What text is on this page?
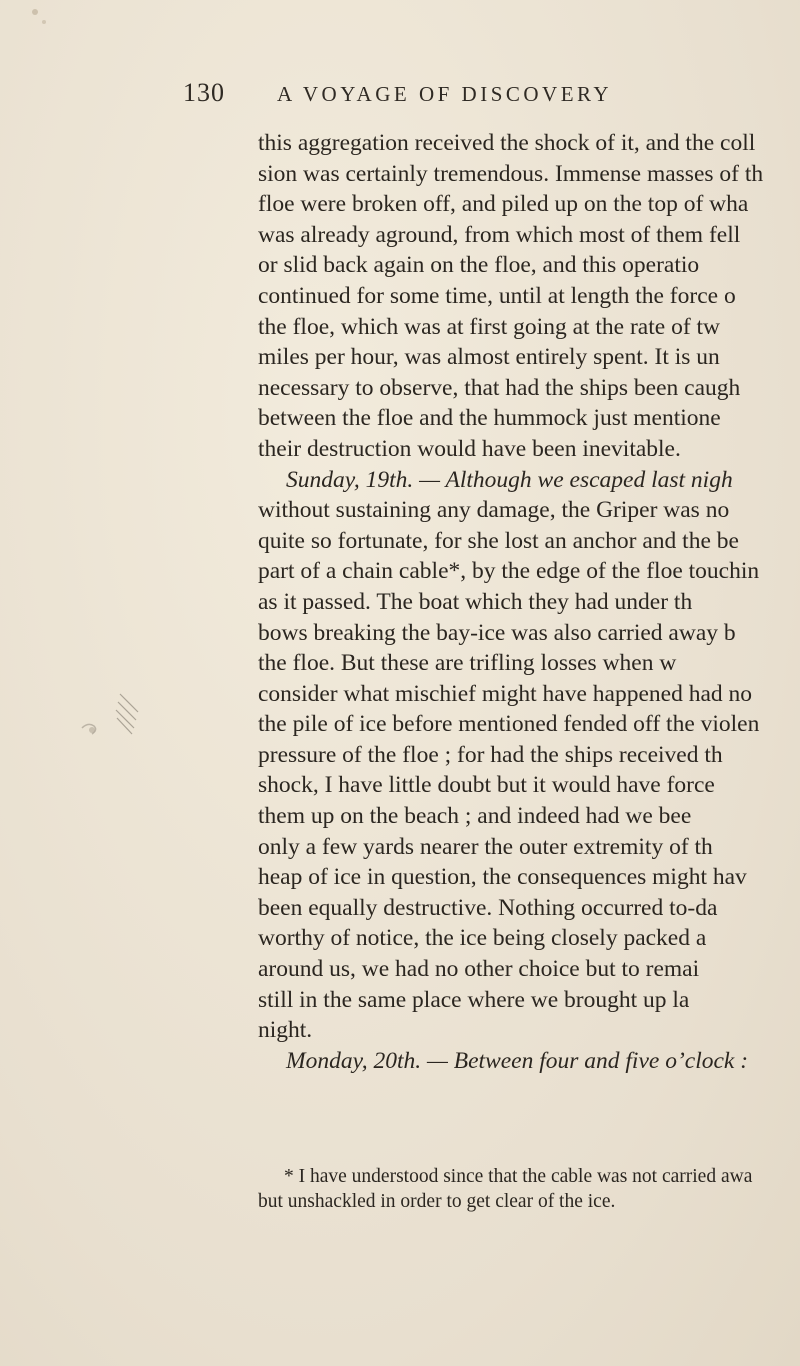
130 A VOYAGE OF DISCOVERY
this aggregation received the shock of it, and the coll
sion was certainly tremendous. Immense masses of th
floe were broken off, and piled up on the top of wha
was already aground, from which most of them fell
or slid back again on the floe, and this operatio
continued for some time, until at length the force o
the floe, which was at first going at the rate of tw
miles per hour, was almost entirely spent. It is un
necessary to observe, that had the ships been caugh
between the floe and the hummock just mentione
their destruction would have been inevitable.
Sunday, 19th. — Although we escaped last nigh
without sustaining any damage, the Griper was no
quite so fortunate, for she lost an anchor and the be
part of a chain cable*, by the edge of the floe touchin
as it passed. The boat which they had under th
bows breaking the bay-ice was also carried away b
the floe. But these are trifling losses when w
consider what mischief might have happened had no
the pile of ice before mentioned fended off the violen
pressure of the floe ; for had the ships received th
shock, I have little doubt but it would have force
them up on the beach ; and indeed had we bee
only a few yards nearer the outer extremity of th
heap of ice in question, the consequences might hav
been equally destructive. Nothing occurred to-da
worthy of notice, the ice being closely packed a
around us, we had no other choice but to remai
still in the same place where we brought up la
night.
Monday, 20th. — Between four and five o’clock :
* I have understood since that the cable was not carried awa
but unshackled in order to get clear of the ice.
